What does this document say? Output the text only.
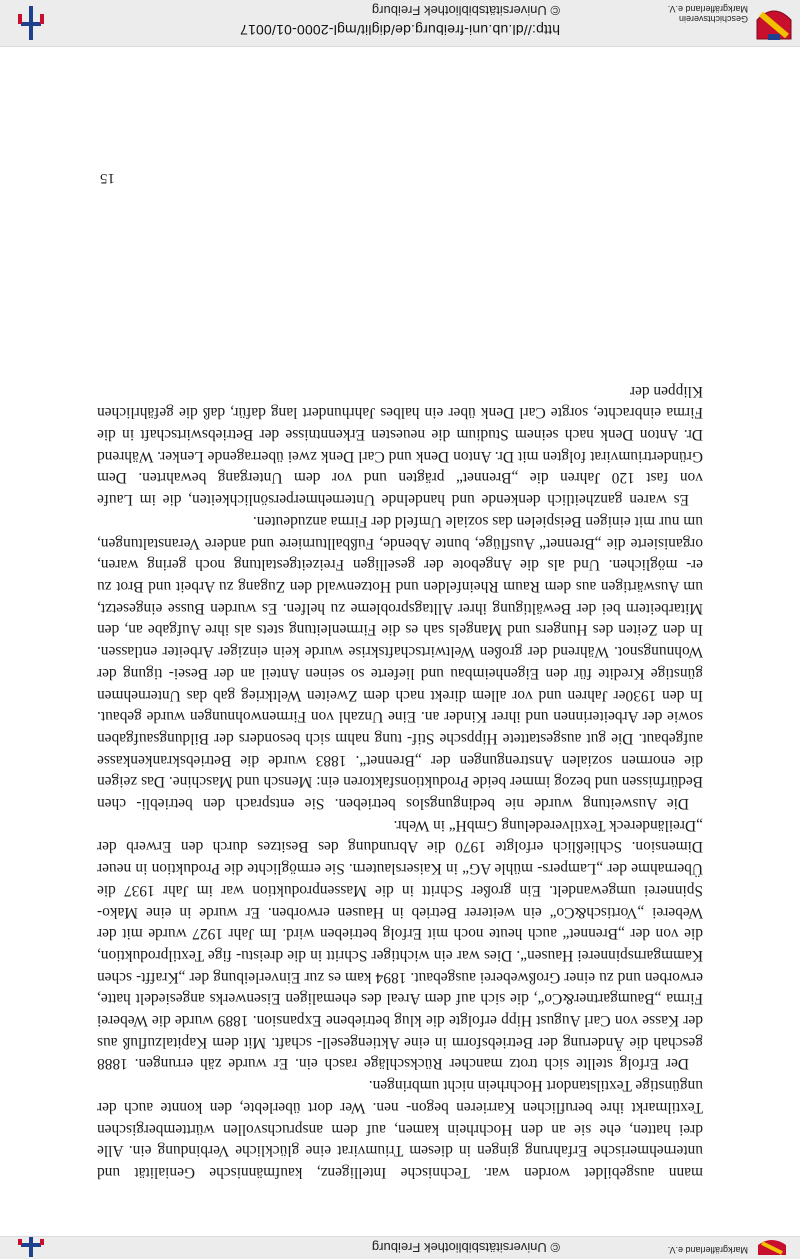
Markgräflerland e.V.
© Universitätsbibliothek Freiburg

mann ausgebildet worden war. Technische Intelligenz, kaufmännische Genialität und unternehmerische Erfahrung gingen in diesem Triumvirat eine glückliche Verbindung ein. Alle drei hatten, ehe sie an den Hochrhein kamen, auf dem anspruchsvollen württembergischen Textilmarkt ihre beruflichen Karrieren begon- nen. Wer dort überlebte, den konnte auch der ungünstige Textilstandort Hochrhein nicht umbringen.

Der Erfolg stellte sich trotz mancher Rückschläge rasch ein. Er wurde zäh errungen. 1888 geschah die Änderung der Betriebsform in eine Aktiengesell- schaft. Mit dem Kapitalzufluß aus der Kasse von Carl August Hipp erfolgte die klug betriebene Expansion. 1889 wurde die Weberei Firma „Baumgartner&Co“, die sich auf dem Areal des ehemaligen Eisenwerks angesiedelt hatte, erworben und zu einer Großweberei ausgebaut. 1894 kam es zur Einverleibung der „Krafft- schen Kammgarnspinnerei Hausen“. Dies war ein wichtiger Schritt in die dreistu- fige Textilproduktion, die von der „Brennet“ auch heute noch mit Erfolg betrieben wird. Im Jahr 1927 wurde mit der Weberei „Vortisch&Co“ ein weiterer Betrieb in Hausen erworben. Er wurde in eine Mako-Spinnerei umgewandelt. Ein großer Schritt in die Massenproduktion war im Jahr 1937 die Übernahme der „Lampers- mühle AG“ in Kaiserslautern. Sie ermöglichte die Produktion in neuer Dimension. Schließlich erfolgte 1970 die Abrundung des Besitzes durch den Erwerb der „Dreiländereck Textilveredelung GmbH“ in Wehr.

Die Ausweitung wurde nie bedingungslos betrieben. Sie entsprach den betriebli- chen Bedürfnissen und bezog immer beide Produktionsfaktoren ein: Mensch und Maschine. Das zeigen die enormen sozialen Anstrengungen der „Brennet“. 1883 wurde die Betriebskrankenkasse aufgebaut. Die gut ausgestattete Hippsche Stif- tung nahm sich besonders der Bildungsaufgaben sowie der Arbeiterinnen und ihrer Kinder an. Eine Unzahl von Firmenwohnungen wurde gebaut. In den 1930er Jahren und vor allem direkt nach dem Zweiten Weltkrieg gab das Unternehmen günstige Kredite für den Eigenheimbau und lieferte so seinen Anteil an der Besei- tigung der Wohnungsnot. Während der großen Weltwirtschaftskrise wurde kein einziger Arbeiter entlassen. In den Zeiten des Hungers und Mangels sah es die Firmenleitung stets als ihre Aufgabe an, den Mitarbeitern bei der Bewältigung ihrer Alltagsprobleme zu helfen. Es wurden Busse eingesetzt, um Auswärtigen aus dem Raum Rheinfelden und Hotzenwald den Zugang zu Arbeit und Brot zu er- möglichen. Und als die Angebote der geselligen Freizeitgestaltung noch gering waren, organisierte die „Brennet“ Ausflüge, bunte Abende, Fußballturniere und andere Veranstaltungen, um nur mit einigen Beispielen das soziale Umfeld der Firma anzudeuten.

Es waren ganzheitlich denkende und handelnde Unternehmerpersönlichkeiten, die im Laufe von fast 120 Jahren die „Brennet“ prägten und vor dem Untergang bewahrten. Dem Gründertriumvirat folgten mit Dr. Anton Denk und Carl Denk zwei überragende Lenker. Während Dr. Anton Denk nach seinem Studium die neuesten Erkenntnisse der Betriebswirtschaft in die Firma einbrachte, sorgte Carl Denk über ein halbes Jahrhundert lang dafür, daß die gefährlichen Klippen der

15
Geschichtsverein
Markgräflerland e.V.
http://dl.ub.uni-freiburg.de/diglit/mgl-2000-01/0017
© Universitätsbibliothek Freiburg
